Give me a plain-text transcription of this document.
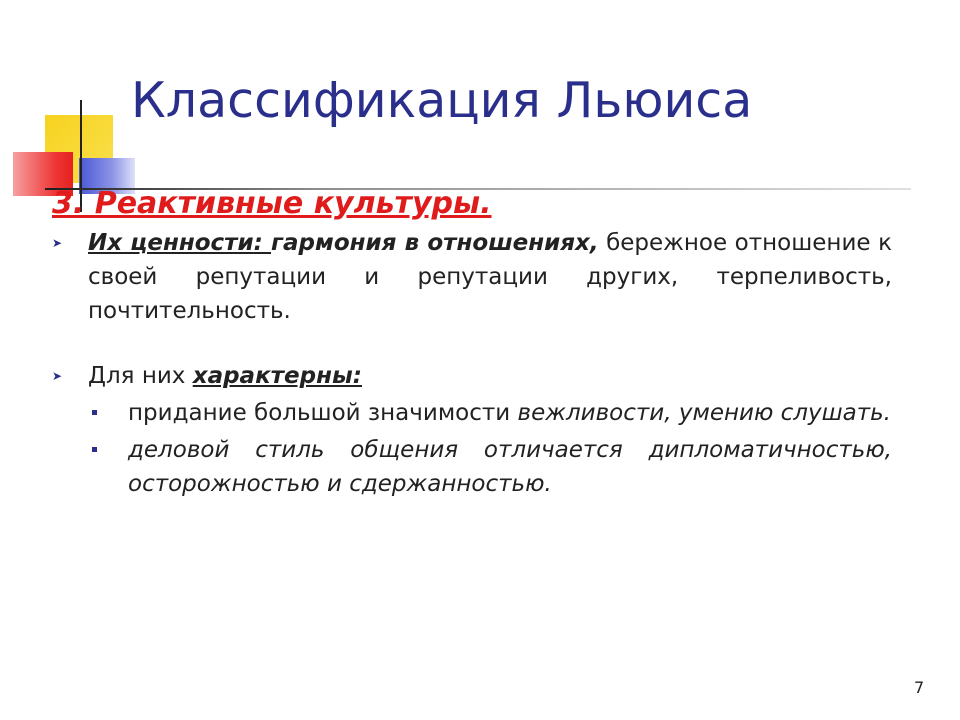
Классификация Льюиса
3. Реактивные культуры.
➤ Их ценности: гармония в отношениях, бережное отношение к своей репутации и репутации других, терпеливость, почтительность.
➤ Для них характерны:
придание большой значимости вежливости, умению слушать.
деловой стиль общения отличается дипломатичностью, осторожностью и сдержанностью.
7
